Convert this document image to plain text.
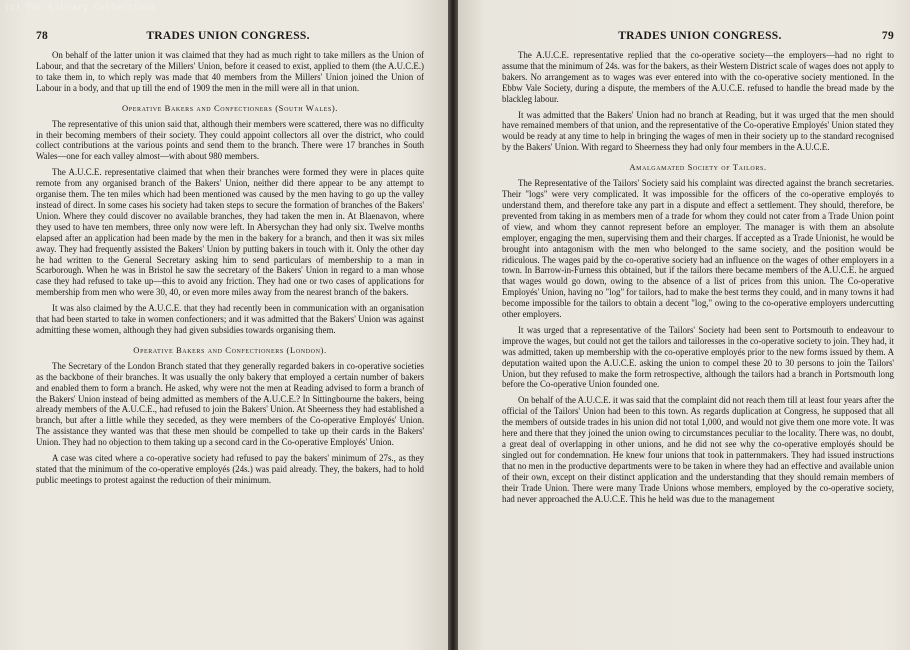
(c) TUC Library Collections
78	TRADES UNION CONGRESS.

On behalf of the latter union it was claimed that they had as much right to take millers as the Union of Labour, and that the secretary of the Millers' Union, before it ceased to exist, applied to them (the A.U.C.E.) to take them in, to which reply was made that 40 members from the Millers' Union joined the Union of Labour in a body, and that up till the end of 1909 the men in the mill were all in that union.

Operative Bakers and Confectioners (South Wales).

The representative of this union said that, although their members were scattered, there was no difficulty in their becoming members of their society. They could appoint collectors all over the district, who could collect contributions at the various points and send them to the branch. There were 17 branches in South Wales—one for each valley almost—with about 980 members.

The A.U.C.E. representative claimed that when their branches were formed they were in places quite remote from any organised branch of the Bakers' Union, neither did there appear to be any attempt to organise them. The ten miles which had been mentioned was caused by the men having to go up the valley instead of direct. In some cases his society had taken steps to secure the formation of branches of the Bakers' Union. Where they could discover no available branches, they had taken the men in. At Blaenavon, where they used to have ten members, three only now were left. In Abersychan they had only six. Twelve months elapsed after an application had been made by the men in the bakery for a branch, and then it was six miles away. They had frequently assisted the Bakers' Union by putting bakers in touch with it. Only the other day he had written to the General Secretary asking him to send particulars of membership to a man in Scarborough. When he was in Bristol he saw the secretary of the Bakers' Union in regard to a man whose case they had refused to take up—this to avoid any friction. They had one or two cases of applications for membership from men who were 30, 40, or even more miles away from the nearest branch of the bakers.

It was also claimed by the A.U.C.E. that they had recently been in communication with an organisation that had been started to take in women confectioners; and it was admitted that the Bakers' Union was against admitting these women, although they had given subsidies towards organising them.

Operative Bakers and Confectioners (London).

The Secretary of the London Branch stated that they generally regarded bakers in co-operative societies as the backbone of their branches. It was usually the only bakery that employed a certain number of bakers and enabled them to form a branch. He asked, why were not the men at Reading advised to form a branch of the Bakers' Union instead of being admitted as members of the A.U.C.E.? In Sittingbourne the bakers, being already members of the A.U.C.E., had refused to join the Bakers' Union. At Sheerness they had established a branch, but after a little while they seceded, as they were members of the Co-operative Employés' Union. The assistance they wanted was that these men should be compelled to take up their cards in the Bakers' Union. They had no objection to them taking up a second card in the Co-operative Employés' Union.

A case was cited where a co-operative society had refused to pay the bakers' minimum of 27s., as they stated that the minimum of the co-operative employés (24s.) was paid already. They, the bakers, had to hold public meetings to protest against the reduction of their minimum.

TRADES UNION CONGRESS.	79

The A.U.C.E. representative replied that the co-operative society—the employers—had no right to assume that the minimum of 24s. was for the bakers, as their Western District scale of wages does not apply to bakers. No arrangement as to wages was ever entered into with the co-operative society mentioned. In the Ebbw Vale Society, during a dispute, the members of the A.U.C.E. refused to handle the bread made by the blackleg labour.

It was admitted that the Bakers' Union had no branch at Reading, but it was urged that the men should have remained members of that union, and the representative of the Co-operative Employés' Union stated they would be ready at any time to help in bringing the wages of men in their society up to the standard recognised by the Bakers' Union. With regard to Sheerness they had only four members in the A.U.C.E.

Amalgamated Society of Tailors.

The Representative of the Tailors' Society said his complaint was directed against the branch secretaries. Their "logs" were very complicated. It was impossible for the officers of the co-operative employés to understand them, and therefore take any part in a dispute and effect a settlement. They should, therefore, be prevented from taking in as members men of a trade for whom they could not cater from a Trade Union point of view, and whom they cannot represent before an employer. The manager is with them an absolute employer, engaging the men, supervising them and their charges. If accepted as a Trade Unionist, he would be brought into antagonism with the men who belonged to the same society, and the position would be ridiculous. The wages paid by the co-operative society had an influence on the wages of other employers in a town. In Barrow-in-Furness this obtained, but if the tailors there became members of the A.U.C.E. he argued that wages would go down, owing to the absence of a list of prices from this union. The Co-operative Employés' Union, having no "log" for tailors, had to make the best terms they could, and in many towns it had become impossible for the tailors to obtain a decent "log," owing to the co-operative employers undercutting other employers.

It was urged that a representative of the Tailors' Society had been sent to Portsmouth to endeavour to improve the wages, but could not get the tailors and tailoresses in the co-operative society to join. They had, it was admitted, taken up membership with the co-operative employés prior to the new forms issued by them. A deputation waited upon the A.U.C.E. asking the union to compel these 20 to 30 persons to join the Tailors' Union, but they refused to make the form retrospective, although the tailors had a branch in Portsmouth long before the Co-operative Union founded one.

On behalf of the A.U.C.E. it was said that the complaint did not reach them till at least four years after the official of the Tailors' Union had been to this town. As regards duplication at Congress, he supposed that all the members of outside trades in his union did not total 1,000, and would not give them one more vote. It was here and there that they joined the union owing to circumstances peculiar to the locality. There was, no doubt, a great deal of overlapping in other unions, and he did not see why the co-operative employés should be singled out for condemnation. He knew four unions that took in patternmakers. They had issued instructions that no men in the productive departments were to be taken in where they had an effective and available union of their own, except on their distinct application and the understanding that they should remain members of their Trade Union. There were many Trade Unions whose members, employed by the co-operative society, had never approached the A.U.C.E. This he held was due to the management
